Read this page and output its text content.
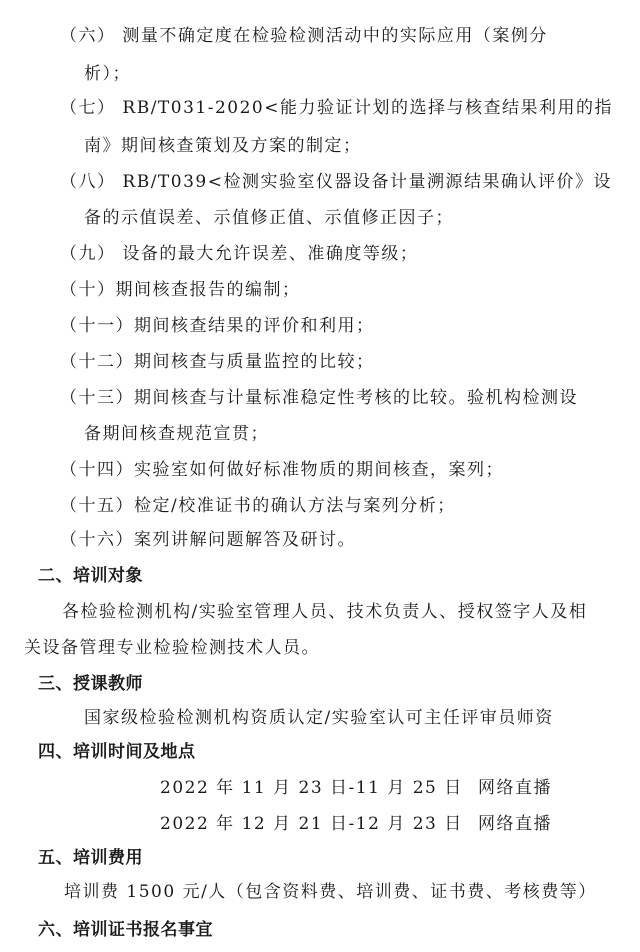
（六） 测量不确定度在检验检测活动中的实际应用（案例分
析）；
（七） RB/T031-2020<能力验证计划的选择与核查结果利用的指
南》期间核查策划及方案的制定；
（八） RB/T039<检测实验室仪器设备计量溯源结果确认评价》设
备的示值误差、示值修正值、示值修正因子；
（九） 设备的最大允许误差、准确度等级；
（十）期间核查报告的编制；
（十一）期间核查结果的评价和利用；
（十二）期间核查与质量监控的比较；
（十三）期间核查与计量标准稳定性考核的比较。验机构检测设
备期间核查规范宣贯；
（十四）实验室如何做好标准物质的期间核查，案列；
（十五）检定/校准证书的确认方法与案列分析；
（十六）案列讲解问题解答及研讨。
二、培训对象
各检验检测机构/实验室管理人员、技术负责人、授权签字人及相
关设备管理专业检验检测技术人员。
三、授课教师
国家级检验检测机构资质认定/实验室认可主任评审员师资
四、培训时间及地点
2022 年 11 月 23 日-11 月 25 日 网络直播
2022 年 12 月 21 日-12 月 23 日 网络直播
五、培训费用
培训费 1500 元/人（包含资料费、培训费、证书费、考核费等）
六、培训证书报名事宜
